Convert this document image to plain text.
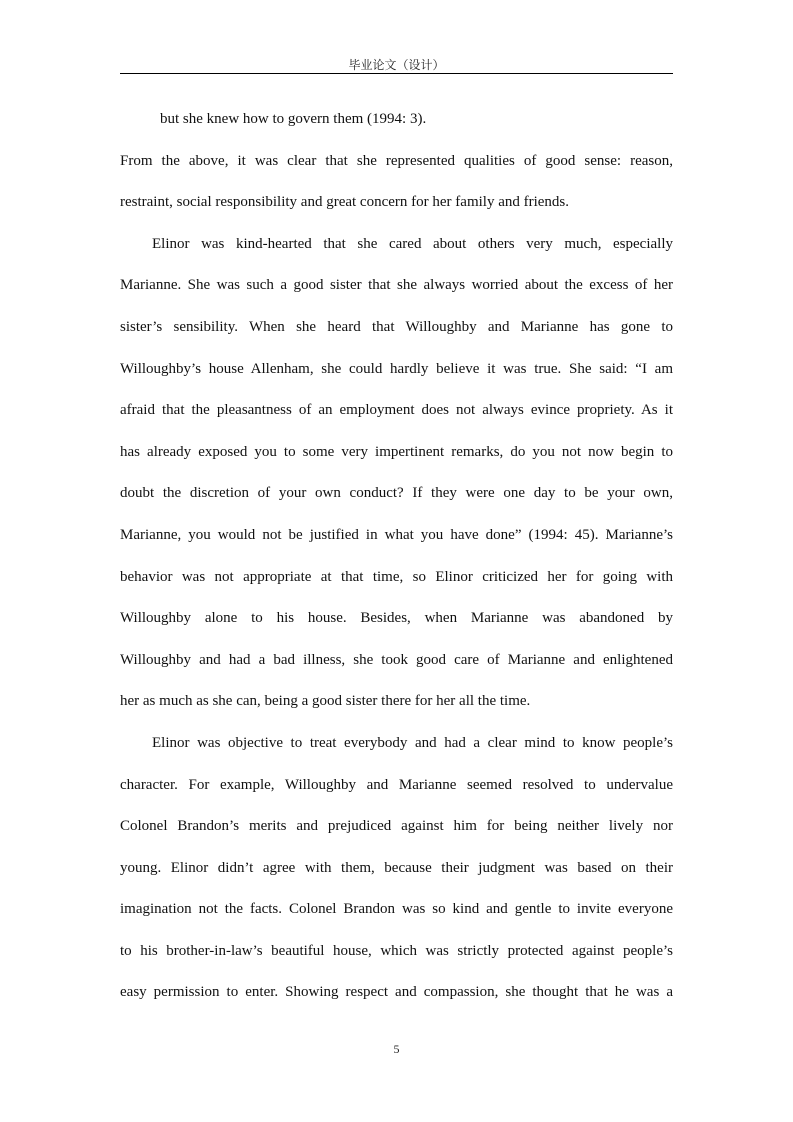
毕业论文（设计）
but she knew how to govern them (1994: 3).
From the above, it was clear that she represented qualities of good sense: reason,
restraint, social responsibility and great concern for her family and friends.
Elinor was kind-hearted that she cared about others very much, especially
Marianne. She was such a good sister that she always worried about the excess of her
sister’s sensibility. When she heard that Willoughby and Marianne has gone to
Willoughby’s house Allenham, she could hardly believe it was true. She said: “I am
afraid that the pleasantness of an employment does not always evince propriety. As it
has already exposed you to some very impertinent remarks, do you not now begin to
doubt the discretion of your own conduct? If they were one day to be your own,
Marianne, you would not be justified in what you have done” (1994: 45). Marianne’s
behavior was not appropriate at that time, so Elinor criticized her for going with
Willoughby alone to his house. Besides, when Marianne was abandoned by
Willoughby and had a bad illness, she took good care of Marianne and enlightened
her as much as she can, being a good sister there for her all the time.
Elinor was objective to treat everybody and had a clear mind to know people’s
character. For example, Willoughby and Marianne seemed resolved to undervalue
Colonel Brandon’s merits and prejudiced against him for being neither lively nor
young. Elinor didn’t agree with them, because their judgment was based on their
imagination not the facts. Colonel Brandon was so kind and gentle to invite everyone
to his brother-in-law’s beautiful house, which was strictly protected against people’s
easy permission to enter. Showing respect and compassion, she thought that he was a
5
